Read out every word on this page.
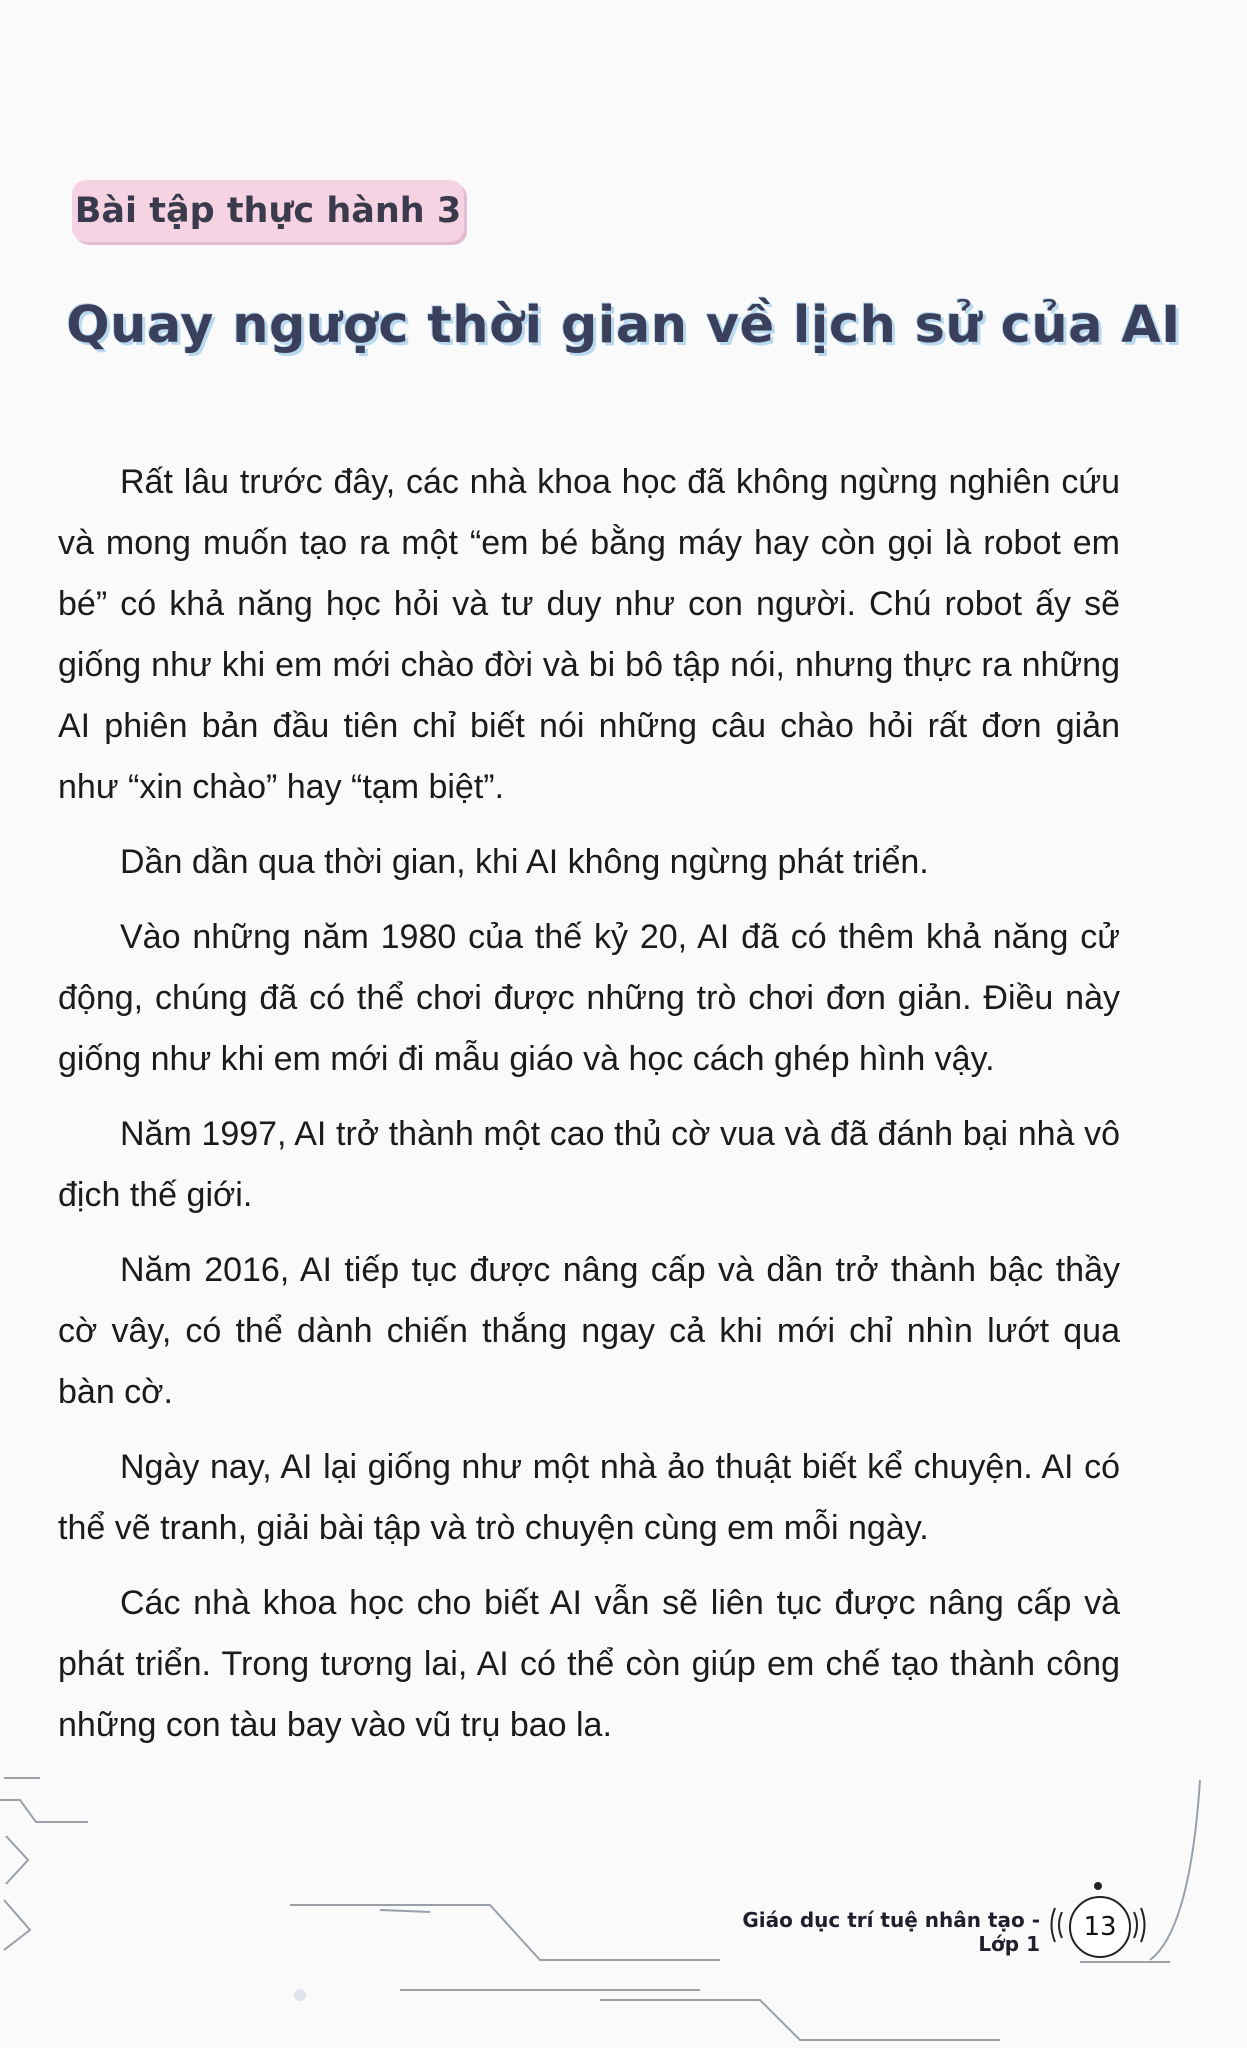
Bài tập thực hành 3
Quay ngược thời gian về lịch sử của AI

Rất lâu trước đây, các nhà khoa học đã không ngừng nghiên cứu và mong muốn tạo ra một “em bé bằng máy hay còn gọi là robot em bé” có khả năng học hỏi và tư duy như con người. Chú robot ấy sẽ giống như khi em mới chào đời và bi bô tập nói, nhưng thực ra những AI phiên bản đầu tiên chỉ biết nói những câu chào hỏi rất đơn giản như “xin chào” hay “tạm biệt”.

Dần dần qua thời gian, khi AI không ngừng phát triển.

Vào những năm 1980 của thế kỷ 20, AI đã có thêm khả năng cử động, chúng đã có thể chơi được những trò chơi đơn giản. Điều này giống như khi em mới đi mẫu giáo và học cách ghép hình vậy.

Năm 1997, AI trở thành một cao thủ cờ vua và đã đánh bại nhà vô địch thế giới.

Năm 2016, AI tiếp tục được nâng cấp và dần trở thành bậc thầy cờ vây, có thể dành chiến thắng ngay cả khi mới chỉ nhìn lướt qua bàn cờ.

Ngày nay, AI lại giống như một nhà ảo thuật biết kể chuyện. AI có thể vẽ tranh, giải bài tập và trò chuyện cùng em mỗi ngày.

Các nhà khoa học cho biết AI vẫn sẽ liên tục được nâng cấp và phát triển. Trong tương lai, AI có thể còn giúp em chế tạo thành công những con tàu bay vào vũ trụ bao la.

Giáo dục trí tuệ nhân tạo - Lớp 1
13
